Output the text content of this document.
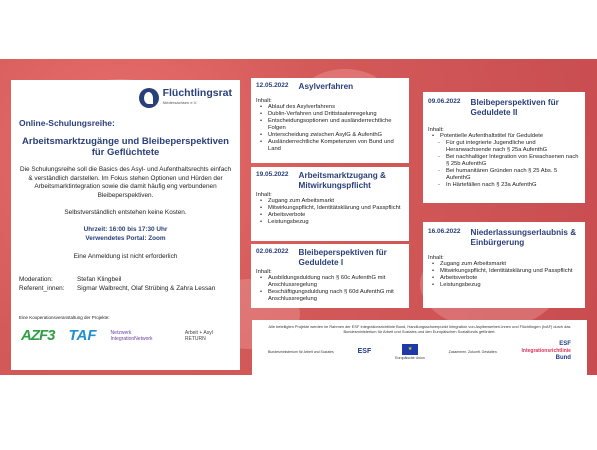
Flüchtlingsrat
Niedersachsen e.V.
Online-Schulungsreihe:
Arbeitsmarktzugänge und Bleibeperspektiven für Geflüchtete
Die Schulungsreihe soll die Basics des Asyl- und Aufenthaltsrechts einfach & verständlich darstellen. Im Fokus stehen Optionen und Hürden der Arbeitsmarktintegration sowie die damit häufig eng verbundenen Bleibeperspektiven.
Selbstverständlich entstehen keine Kosten.
Uhrzeit: 16:00 bis 17:30 Uhr
Verwendetes Portal: Zoom
Eine Anmeldung ist nicht erforderlich
Moderation:	Stefan Klingbeil
Referent_innen:	Sigmar Walbrecht, Olaf Strübing & Zahra Lessan
Eine Kooperationsveranstaltung der Projekte:
AZF3 TAF	Netzwerk IntegrationNetwork
Arbeit + Asyl RETURN
12.05.2022 Asylverfahren
Inhalt:
• Ablauf des Asylverfahrens
• Dublin-Verfahren und Drittstaatenregelung
• Entscheidungsoptionen und ausländerrechtliche Folgen
• Unterscheidung zwischen AsylG & AufenthG
• Ausländerrechtliche Kompetenzen von Bund und Land
19.05.2022 Arbeitsmarktzugang & Mitwirkungspflicht
Inhalt:
• Zugang zum Arbeitsmarkt
• Mitwirkungspflicht, Identitätsklärung und Passpflicht
• Arbeitsverbote
• Leistungsbezug
02.06.2022 Bleibeperspektiven für Geduldete I
Inhalt:
• Ausbildungsduldung nach § 60c AufenthG mit Anschlussregelung
• Beschäftigungsduldung nach § 60d AufenthG mit Anschlussregelung
09.06.2022 Bleibeperspektiven für Geduldete II
Inhalt:
• Potentielle Aufenthaltstitel für Geduldete
- Für gut integrierte Jugendliche und Heranwachsende nach § 25a AufenthG
- Bei nachhaltiger Integration von Erwachsenen nach § 25b AufenthG
- Bei humanitären Gründen nach § 25 Abs. 5 AufenthG
- In Härtefällen nach § 23a AufenthG
16.06.2022 Niederlassungserlaubnis & Einbürgerung
Inhalt:
• Zugang zum Arbeitsmarkt
• Mitwirkungspflicht, Identitätsklärung und Passpflicht
• Arbeitsverbote
• Leistungsbezug
Alle beteiligten Projekte werden im Rahmen der ESF Integrationsrichtlinie Bund, Handlungsschwerpunkt Integration von Asylbewerber/-innen und Flüchtlingen (IvAF) durch das Bundesministerium für Arbeit und Soziales und den Europäischen Sozialfonds gefördert.
Bundesministerium für Arbeit und Soziales	ESF
★
Europäische Union
Zusammen. Zukunft. Gestalten.
ESF
Integrationsrichtlinie
Bund
